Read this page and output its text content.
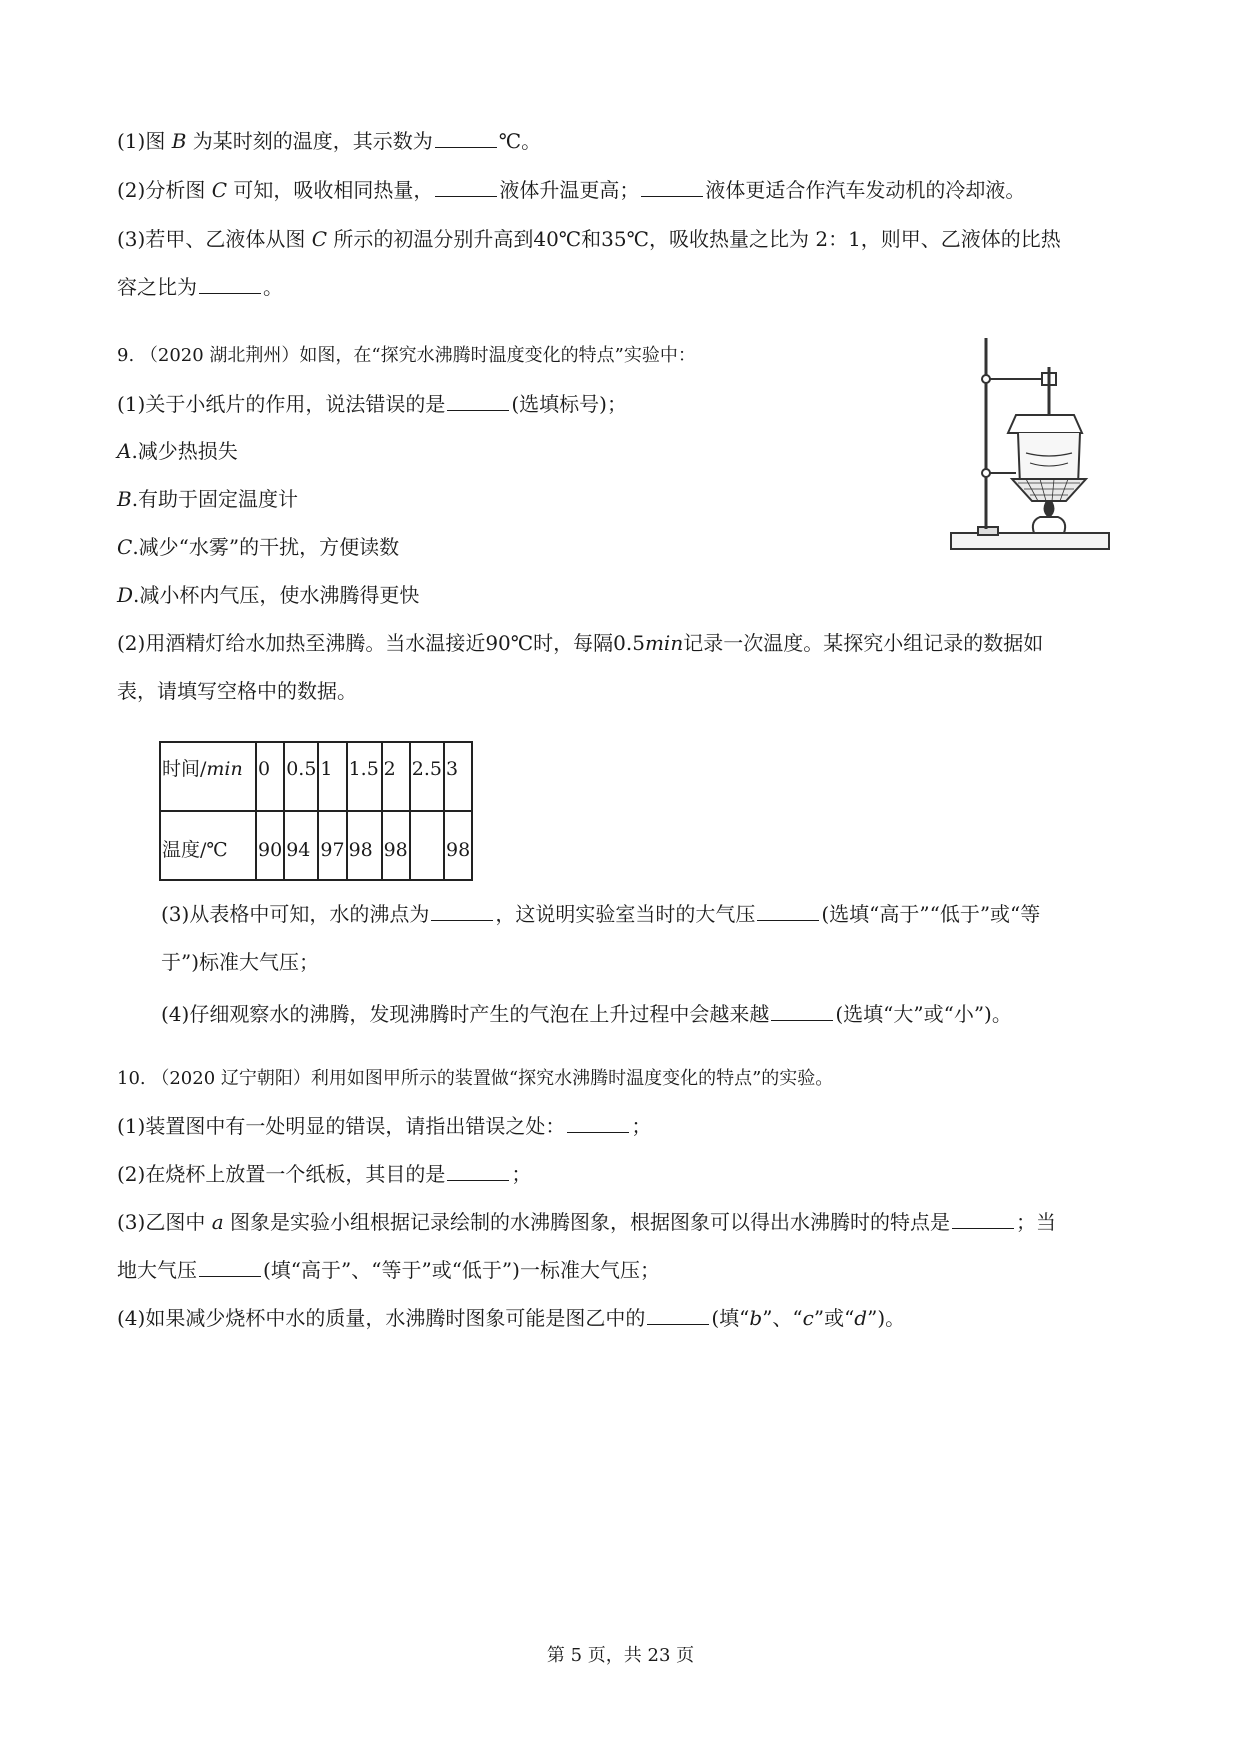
(1)图 B 为某时刻的温度，其示数为	℃。
(2)分析图 C 可知，吸收相同热量，	液体升温更高；	液体更适合作汽车发动机的冷却液。
(3)若甲、乙液体从图 C 所示的初温分别升高到40℃和35℃，吸收热量之比为 2：1，则甲、乙液体的比热
容之比为	。
9. （2020 湖北荆州）如图，在“探究水沸腾时温度变化的特点”实验中：
(1)关于小纸片的作用，说法错误的是	(选填标号)；
A.减少热损失
B.有助于固定温度计
C.减少“水雾”的干扰，方便读数
D.减小杯内气压，使水沸腾得更快
(2)用酒精灯给水加热至沸腾。当水温接近90℃时，每隔0.5min记录一次温度。某探究小组记录的数据如
表，请填写空格中的数据。
时间/min	0	0.5	1	1.5	2	2.5	3
温度/℃	90	94	97	98	98		98
(3)从表格中可知，水的沸点为	，这说明实验室当时的大气压	(选填“高于”“低于”或“等
于”)标准大气压；
(4)仔细观察水的沸腾，发现沸腾时产生的气泡在上升过程中会越来越	(选填“大”或“小”)。
10. （2020 辽宁朝阳）利用如图甲所示的装置做“探究水沸腾时温度变化的特点”的实验。
(1)装置图中有一处明显的错误，请指出错误之处：	；
(2)在烧杯上放置一个纸板，其目的是	；
(3)乙图中 a 图象是实验小组根据记录绘制的水沸腾图象，根据图象可以得出水沸腾时的特点是	；当
地大气压	(填“高于”、“等于”或“低于”)一标准大气压；
(4)如果减少烧杯中水的质量，水沸腾时图象可能是图乙中的	(填“b”、“c”或“d”)。
第 5 页，共 23 页
